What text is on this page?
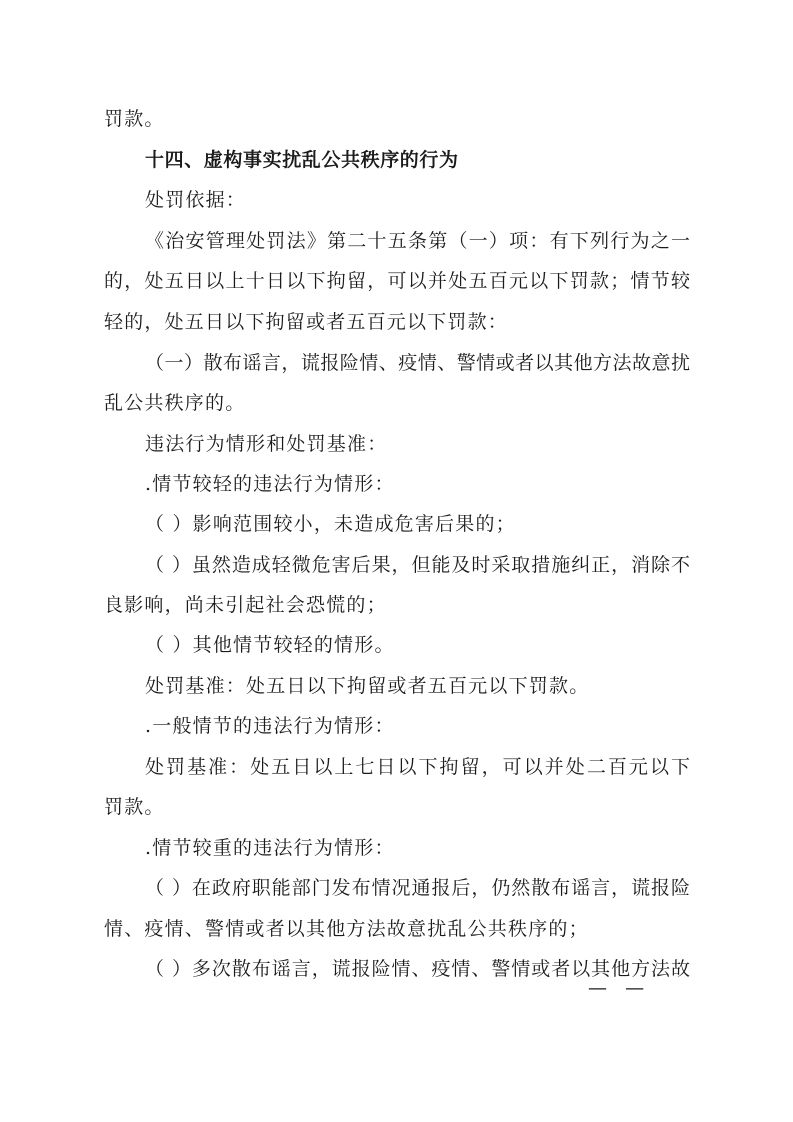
罚款。
十四、虚构事实扰乱公共秩序的行为
处罚依据：
《治安管理处罚法》第二十五条第（一）项：有下列行为之一
的，处五日以上十日以下拘留，可以并处五百元以下罚款；情节较
轻的，处五日以下拘留或者五百元以下罚款：
（一）散布谣言，谎报险情、疫情、警情或者以其他方法故意扰
乱公共秩序的。
违法行为情形和处罚基准：
.情节较轻的违法行为情形：
（ ）影响范围较小，未造成危害后果的；
（ ）虽然造成轻微危害后果，但能及时采取措施纠正，消除不
良影响，尚未引起社会恐慌的；
（ ）其他情节较轻的情形。
处罚基准：处五日以下拘留或者五百元以下罚款。
.一般情节的违法行为情形：
处罚基准：处五日以上七日以下拘留，可以并处二百元以下
罚款。
.情节较重的违法行为情形：
（ ）在政府职能部门发布情况通报后，仍然散布谣言，谎报险
情、疫情、警情或者以其他方法故意扰乱公共秩序的；
（ ）多次散布谣言，谎报险情、疫情、警情或者以其他方法故
—   —
